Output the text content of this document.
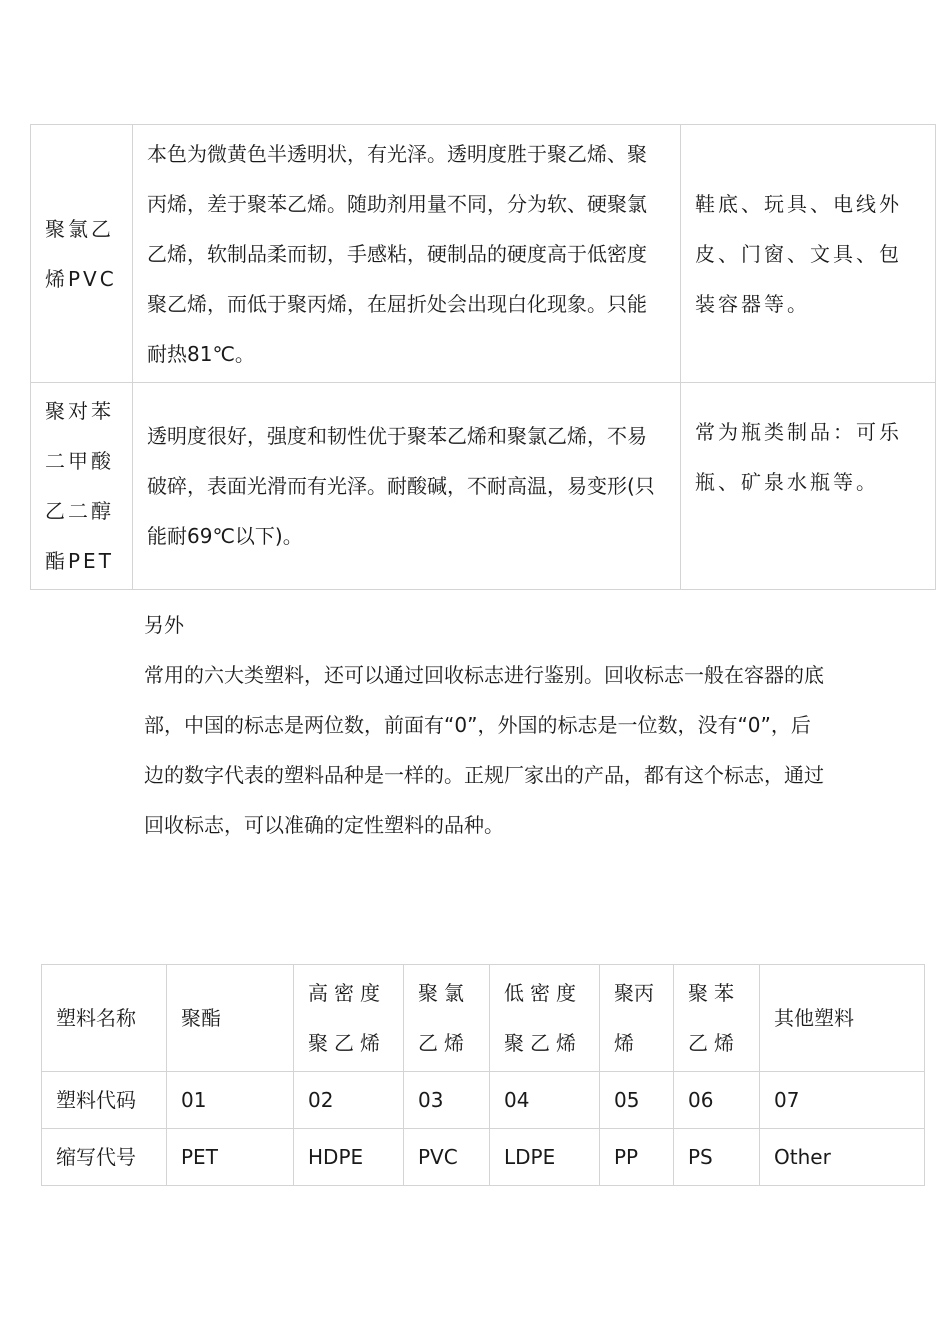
聚氯乙烯PVC	本色为微黄色半透明状，有光泽。透明度胜于聚乙烯、聚丙烯，差于聚苯乙烯。随助剂用量不同，分为软、硬聚氯乙烯，软制品柔而韧，手感粘，硬制品的硬度高于低密度聚乙烯，而低于聚丙烯，在屈折处会出现白化现象。只能耐热81℃。	鞋底、玩具、电线外皮、门窗、文具、包装容器等。
聚对苯二甲酸乙二醇酯PET	透明度很好，强度和韧性优于聚苯乙烯和聚氯乙烯，不易破碎，表面光滑而有光泽。耐酸碱，不耐高温，易变形(只能耐69℃以下)。	常为瓶类制品：可乐瓶、矿泉水瓶等。

另外

常用的六大类塑料，还可以通过回收标志进行鉴别。回收标志一般在容器的底部，中国的标志是两位数，前面有“0”，外国的标志是一位数，没有“0”，后边的数字代表的塑料品种是一样的。正规厂家出的产品，都有这个标志，通过回收标志，可以准确的定性塑料的品种。

塑料名称	聚酯	高密度聚乙烯	聚氯乙烯	低密度聚乙烯	聚丙烯	聚苯乙烯	其他塑料
塑料代码	01	02	03	04	05	06	07
缩写代号	PET	HDPE	PVC	LDPE	PP	PS	Other
